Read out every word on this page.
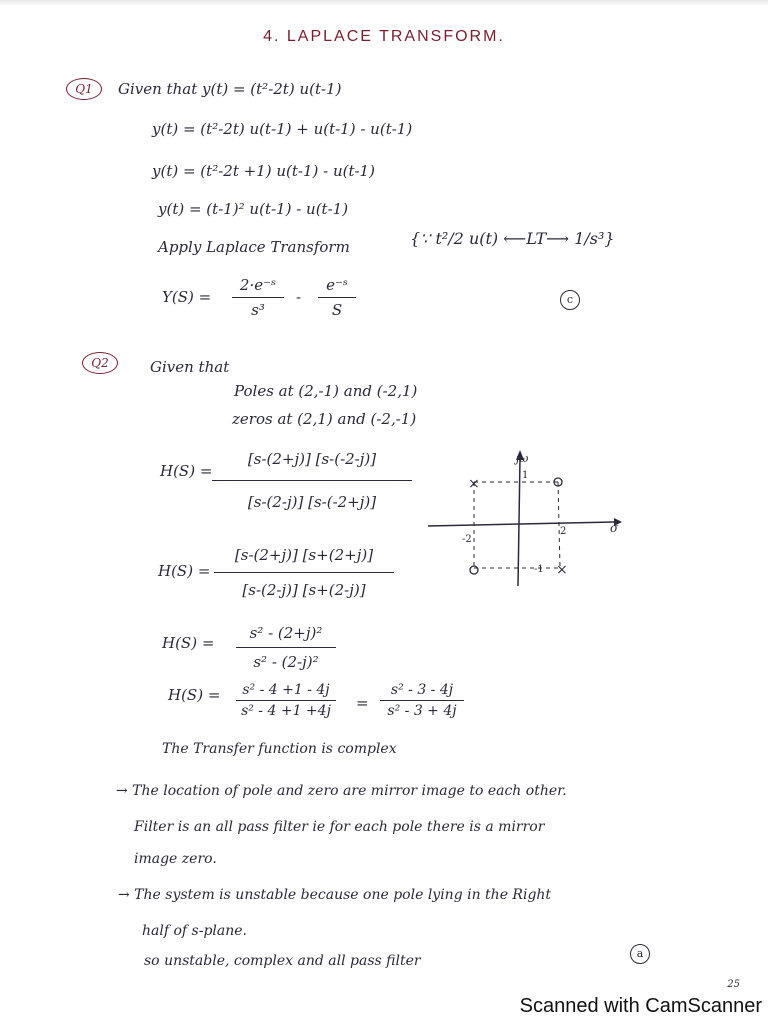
4. LAPLACE TRANSFORM.
Q1	Given that y(t) = (t²-2t) u(t-1)
y(t) = (t²-2t) u(t-1) + u(t-1) - u(t-1)
y(t) = (t²-2t +1) u(t-1) - u(t-1)
y(t) = (t-1)² u(t-1) - u(t-1)
Apply Laplace Transform	{∵ t²/2 u(t) ⟵LT⟶ 1/s³}
Y(S) =
2·e⁻ˢ
s³
-
e⁻ˢ
S
c
Q2	Given that
Poles at (2,-1) and (-2,1)
zeros at (2,1) and (-2,-1)
H(S) =
[s-(2+j)] [s-(-2-j)]
[s-(2-j)] [s-(-2+j)]
H(S) =
[s-(2+j)] [s+(2+j)]
[s-(2-j)] [s+(2-j)]
H(S) =
s² - (2+j)²
s² - (2-j)²
H(S) =	s² - 4 +1 - 4j
s² - 4 +1 +4j	=
s² - 3 - 4j
s² - 3 + 4j
The Transfer function is complex
→ The location of pole and zero are mirror image to each other.
Filter is an all pass filter ie for each pole there is a mirror
image zero.
→ The system is unstable because one pole lying in the Right
half of s-plane.
so unstable, complex and all pass filter	a
×
×
jω
σ
1
-2
2
-1
25
Scanned with CamScanner
